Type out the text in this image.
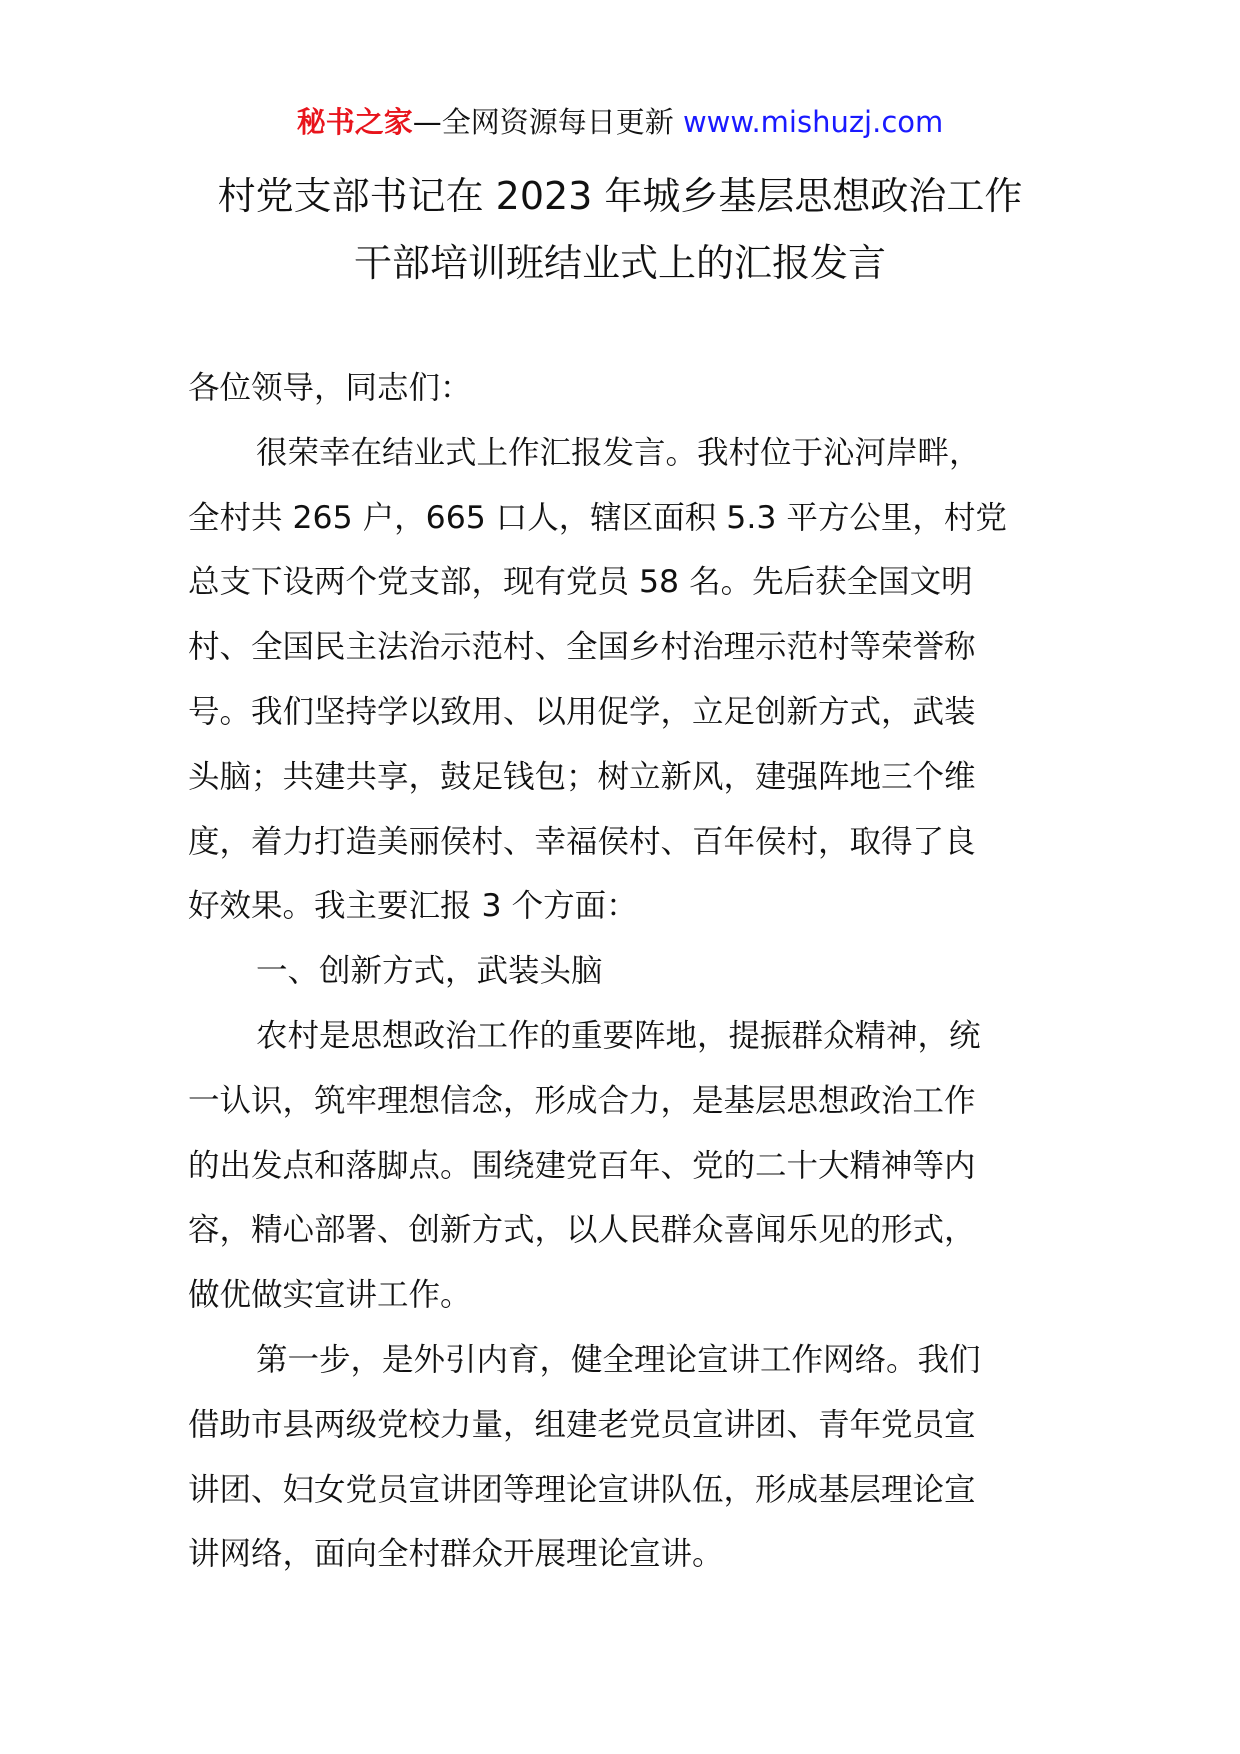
秘书之家—全网资源每日更新 www.mishuzj.com
村党支部书记在 2023 年城乡基层思想政治工作
干部培训班结业式上的汇报发言
各位领导，同志们：
很荣幸在结业式上作汇报发言。我村位于沁河岸畔，
全村共 265 户，665 口人，辖区面积 5.3 平方公里，村党
总支下设两个党支部，现有党员 58 名。先后获全国文明
村、全国民主法治示范村、全国乡村治理示范村等荣誉称
号。我们坚持学以致用、以用促学，立足创新方式，武装
头脑；共建共享，鼓足钱包；树立新风，建强阵地三个维
度，着力打造美丽侯村、幸福侯村、百年侯村，取得了良
好效果。我主要汇报 3 个方面：
一、创新方式，武装头脑
农村是思想政治工作的重要阵地，提振群众精神，统
一认识，筑牢理想信念，形成合力，是基层思想政治工作
的出发点和落脚点。围绕建党百年、党的二十大精神等内
容，精心部署、创新方式，以人民群众喜闻乐见的形式，
做优做实宣讲工作。
第一步，是外引内育，健全理论宣讲工作网络。我们
借助市县两级党校力量，组建老党员宣讲团、青年党员宣
讲团、妇女党员宣讲团等理论宣讲队伍，形成基层理论宣
讲网络，面向全村群众开展理论宣讲。
